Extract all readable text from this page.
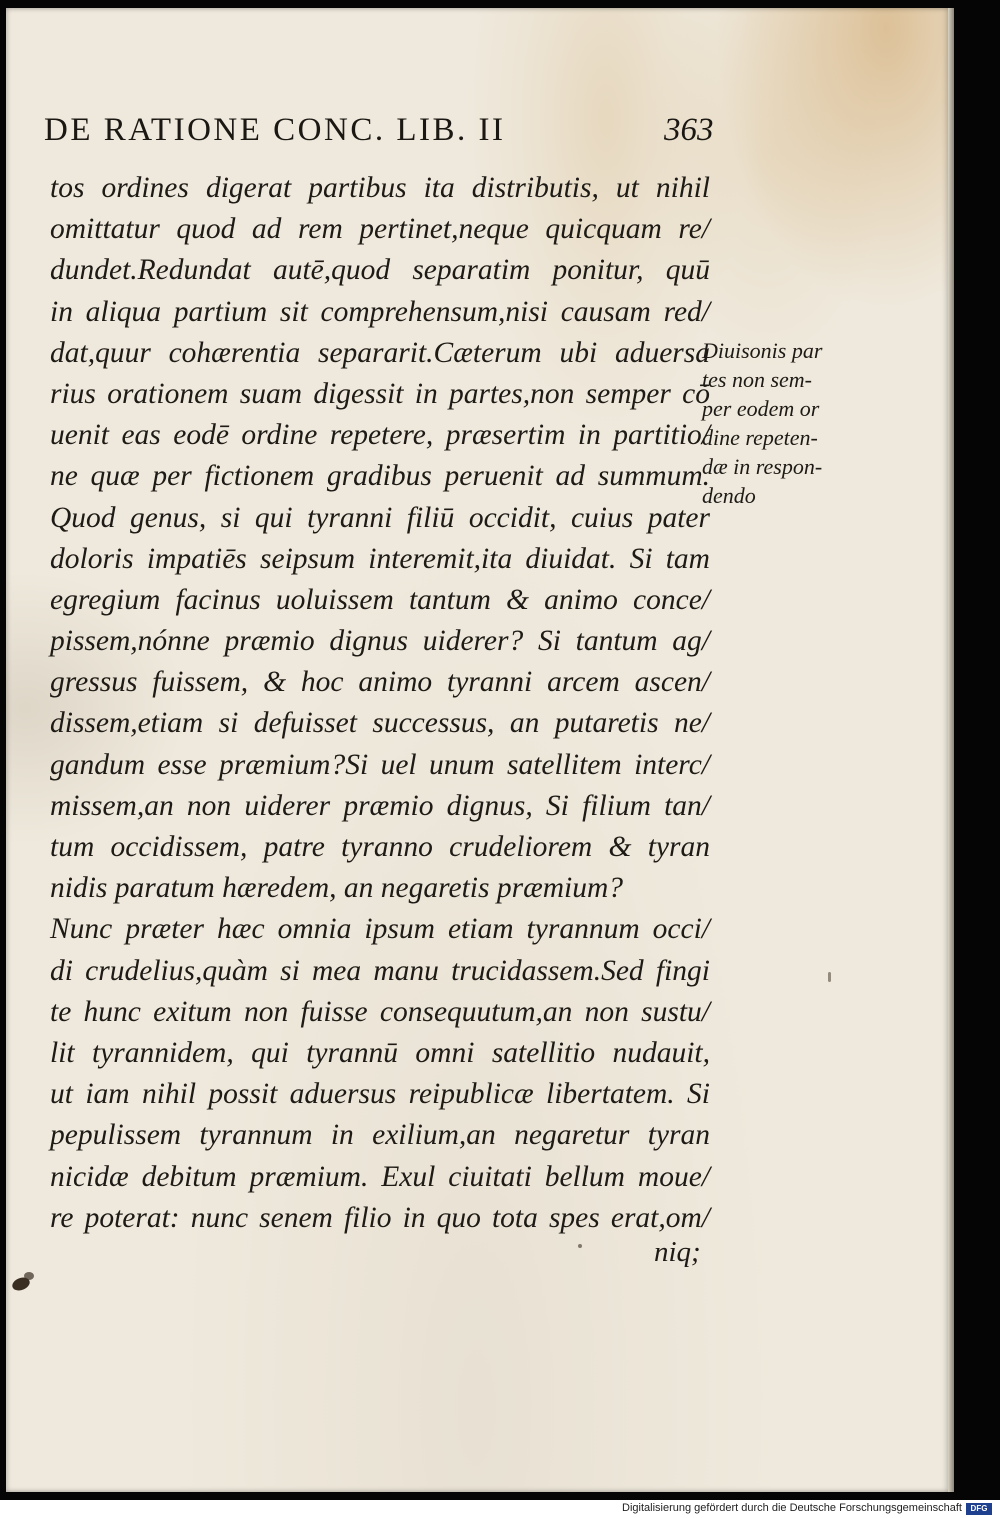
DE RATIONE CONC. LIB. II	363
tos ordines digerat partibus ita distributis, ut nihil
omittatur quod ad rem pertinet,neque quicquam re/
dundet.Redundat autē,quod separatim ponitur, quū
in aliqua partium sit comprehensum,nisi causam red/
dat,quur cohærentia separarit.Cæterum ubi aduersa
rius orationem suam digessit in partes,non semper cō
uenit eas eodē ordine repetere, præsertim in partitio/
ne quæ per fictionem gradibus peruenit ad summum.
Quod genus, si qui tyranni filiū occidit, cuius pater
doloris impatiēs seipsum interemit,ita diuidat. Si tam
egregium facinus uoluissem tantum & animo conce/
pissem,nónne præmio dignus uiderer? Si tantum ag/
gressus fuissem, & hoc animo tyranni arcem ascen/
dissem,etiam si defuisset successus, an putaretis ne/
gandum esse præmium?Si uel unum satellitem interc/
missem,an non uiderer præmio dignus, Si filium tan/
tum occidissem, patre tyranno crudeliorem & tyran
nidis paratum hæredem, an negaretis præmium?
Nunc præter hæc omnia ipsum etiam tyrannum occi/
di crudelius,quàm si mea manu trucidassem.Sed fingi
te hunc exitum non fuisse consequutum,an non sustu/
lit tyrannidem, qui tyrannū omni satellitio nudauit,
ut iam nihil possit aduersus reipublicæ libertatem. Si
pepulissem tyrannum in exilium,an negaretur tyran
nicidæ debitum præmium. Exul ciuitati bellum moue/
re poterat: nunc senem filio in quo tota spes erat,om/
Diuisonis par
tes non sem-
per eodem or
dine repeten-
dæ in respon-
dendo
niq;
Digitalisierung gefördert durch die Deutsche Forschungsgemeinschaft	DFG
